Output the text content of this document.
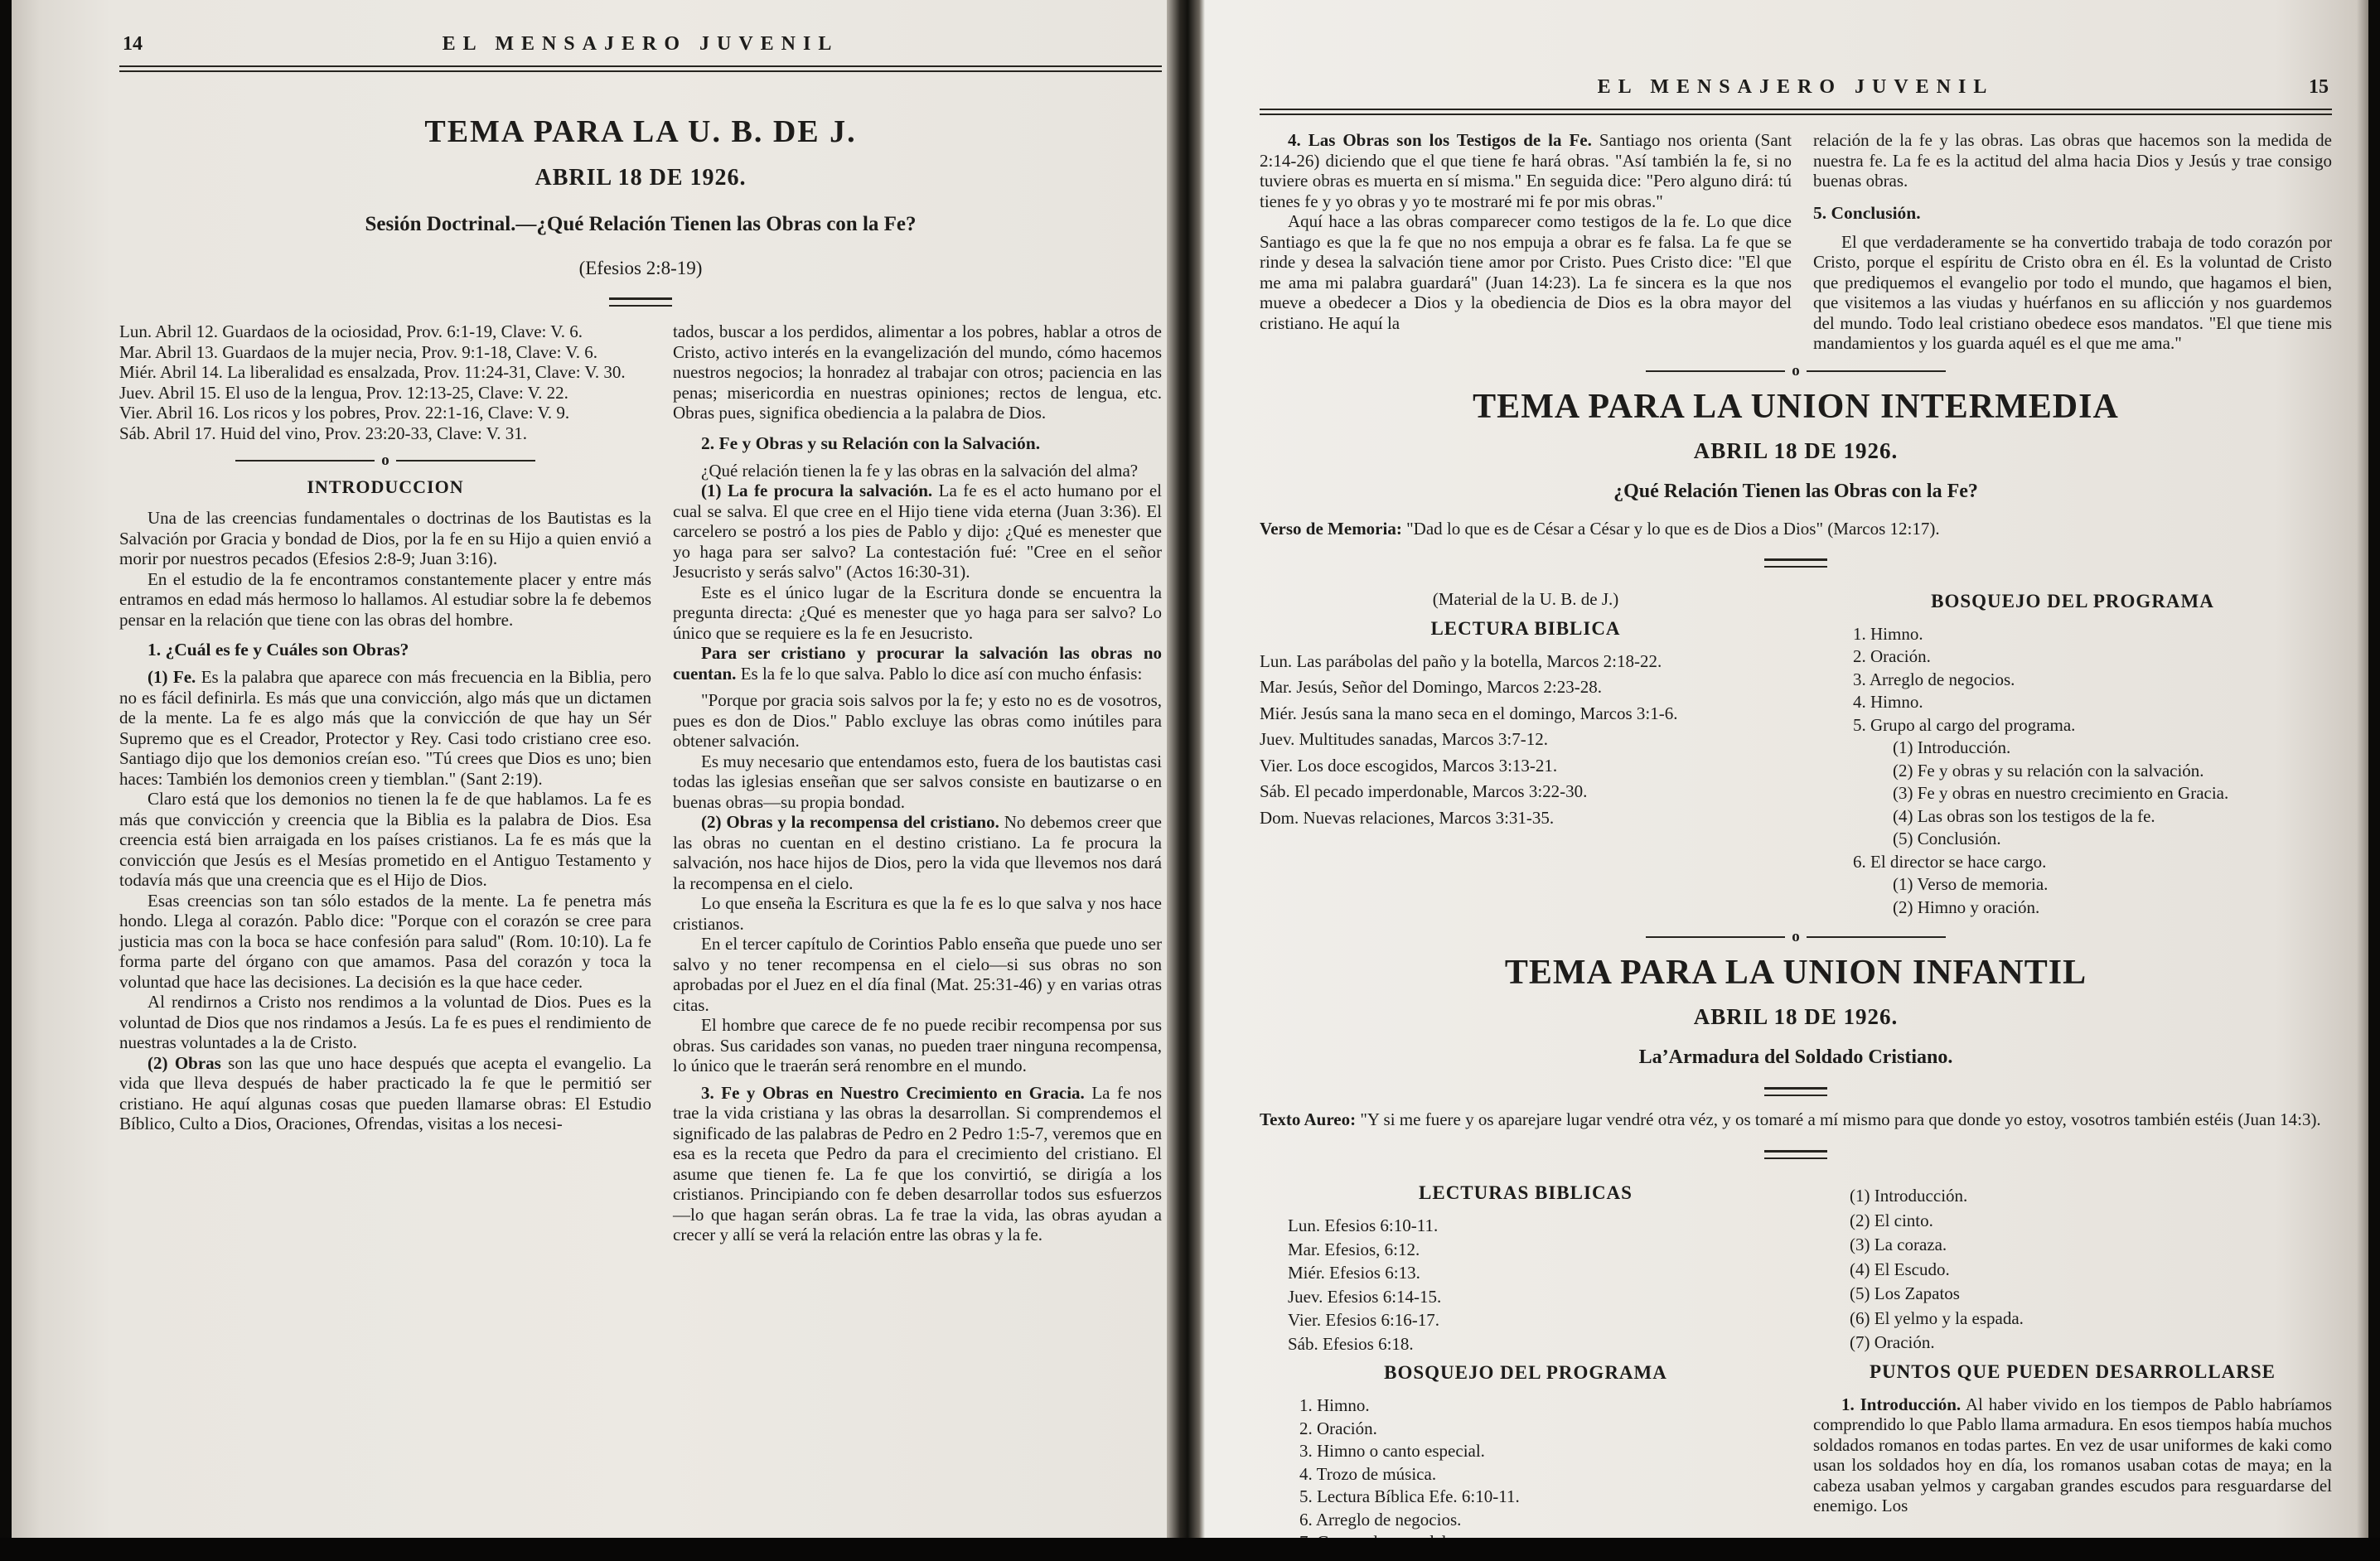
14	EL MENSAJERO JUVENIL
TEMA PARA LA U. B. DE J.
ABRIL 18 DE 1926.
Sesión Doctrinal.—¿Qué Relación Tienen las Obras con la Fe?
(Efesios 2:8-19)
Lun. Abril 12. Guardaos de la ociosidad, Prov. 6:1-19, Clave: V. 6.
Mar. Abril 13. Guardaos de la mujer necia, Prov. 9:1-18, Clave: V. 6.
Miér. Abril 14. La liberalidad es ensalzada, Prov. 11:24-31, Clave: V. 30.
Juev. Abril 15. El uso de la lengua, Prov. 12:13-25, Clave: V. 22.
Vier. Abril 16. Los ricos y los pobres, Prov. 22:1-16, Clave: V. 9.
Sáb. Abril 17. Huid del vino, Prov. 23:20-33, Clave: V. 31.
o
INTRODUCCION
Una de las creencias fundamentales o doctrinas de los Bautistas es la Salvación por Gracia y bondad de Dios, por la fe en su Hijo a quien envió a morir por nuestros pecados (Efesios 2:8-9; Juan 3:16).
En el estudio de la fe encontramos constantemente placer y entre más entramos en edad más hermoso lo hallamos. Al estudiar sobre la fe debemos pensar en la relación que tiene con las obras del hombre.
1. ¿Cuál es fe y Cuáles son Obras?
(1) Fe. Es la palabra que aparece con más frecuencia en la Biblia, pero no es fácil definirla. Es más que una convicción, algo más que un dictamen de la mente. La fe es algo más que la convicción de que hay un Sér Supremo que es el Creador, Protector y Rey. Casi todo cristiano cree eso. Santiago dijo que los demonios creían eso. "Tú crees que Dios es uno; bien haces: También los demonios creen y tiemblan." (Sant 2:19).
Claro está que los demonios no tienen la fe de que hablamos. La fe es más que convicción y creencia que la Biblia es la palabra de Dios. Esa creencia está bien arraigada en los países cristianos. La fe es más que la convicción que Jesús es el Mesías prometido en el Antiguo Testamento y todavía más que una creencia que es el Hijo de Dios.
Esas creencias son tan sólo estados de la mente. La fe penetra más hondo. Llega al corazón. Pablo dice: "Porque con el corazón se cree para justicia mas con la boca se hace confesión para salud" (Rom. 10:10). La fe forma parte del órgano con que amamos. Pasa del corazón y toca la voluntad que hace las decisiones. La decisión es la que hace ceder.
Al rendirnos a Cristo nos rendimos a la voluntad de Dios. Pues es la voluntad de Dios que nos rindamos a Jesús. La fe es pues el rendimiento de nuestras voluntades a la de Cristo.
(2) Obras son las que uno hace después que acepta el evangelio. La vida que lleva después de haber practicado la fe que le permitió ser cristiano. He aquí algunas cosas que pueden llamarse obras: El Estudio Bíblico, Culto a Dios, Oraciones, Ofrendas, visitas a los necesi-
tados, buscar a los perdidos, alimentar a los pobres, hablar a otros de Cristo, activo interés en la evangelización del mundo, cómo hacemos nuestros negocios; la honradez al trabajar con otros; paciencia en las penas; misericordia en nuestras opiniones; rectos de lengua, etc. Obras pues, significa obediencia a la palabra de Dios.
2. Fe y Obras y su Relación con la Salvación.
¿Qué relación tienen la fe y las obras en la salvación del alma?
(1) La fe procura la salvación. La fe es el acto humano por el cual se salva. El que cree en el Hijo tiene vida eterna (Juan 3:36). El carcelero se postró a los pies de Pablo y dijo: ¿Qué es menester que yo haga para ser salvo? La contestación fué: "Cree en el señor Jesucristo y serás salvo" (Actos 16:30-31).
Este es el único lugar de la Escritura donde se encuentra la pregunta directa: ¿Qué es menester que yo haga para ser salvo? Lo único que se requiere es la fe en Jesucristo.
Para ser cristiano y procurar la salvación las obras no cuentan. Es la fe lo que salva. Pablo lo dice así con mucho énfasis:
"Porque por gracia sois salvos por la fe; y esto no es de vosotros, pues es don de Dios." Pablo excluye las obras como inútiles para obtener salvación.
Es muy necesario que entendamos esto, fuera de los bautistas casi todas las iglesias enseñan que ser salvos consiste en bautizarse o en buenas obras—su propia bondad.
(2) Obras y la recompensa del cristiano. No debemos creer que las obras no cuentan en el destino cristiano. La fe procura la salvación, nos hace hijos de Dios, pero la vida que llevemos nos dará la recompensa en el cielo.
Lo que enseña la Escritura es que la fe es lo que salva y nos hace cristianos.
En el tercer capítulo de Corintios Pablo enseña que puede uno ser salvo y no tener recompensa en el cielo—si sus obras no son aprobadas por el Juez en el día final (Mat. 25:31-46) y en varias otras citas.
El hombre que carece de fe no puede recibir recompensa por sus obras. Sus caridades son vanas, no pueden traer ninguna recompensa, lo único que le traerán será renombre en el mundo.
3. Fe y Obras en Nuestro Crecimiento en Gracia. La fe nos trae la vida cristiana y las obras la desarrollan. Si comprendemos el significado de las palabras de Pedro en 2 Pedro 1:5-7, veremos que en esa es la receta que Pedro da para el crecimiento del cristiano. El asume que tienen fe. La fe que los convirtió, se dirigía a los cristianos. Principiando con fe deben desarrollar todos sus esfuerzos—lo que hagan serán obras. La fe trae la vida, las obras ayudan a crecer y allí se verá la relación entre las obras y la fe.
EL MENSAJERO JUVENIL	15
4. Las Obras son los Testigos de la Fe. Santiago nos orienta (Sant 2:14-26) diciendo que el que tiene fe hará obras. "Así también la fe, si no tuviere obras es muerta en sí misma." En seguida dice: "Pero alguno dirá: tú tienes fe y yo obras y yo te mostraré mi fe por mis obras."
Aquí hace a las obras comparecer como testigos de la fe. Lo que dice Santiago es que la fe que no nos empuja a obrar es fe falsa. La fe que se rinde y desea la salvación tiene amor por Cristo. Pues Cristo dice: "El que me ama mi palabra guardará" (Juan 14:23). La fe sincera es la que nos mueve a obedecer a Dios y la obediencia de Dios es la obra mayor del cristiano. He aquí la
relación de la fe y las obras. Las obras que hacemos son la medida de nuestra fe. La fe es la actitud del alma hacia Dios y Jesús y trae consigo buenas obras.
5. Conclusión.
El que verdaderamente se ha convertido trabaja de todo corazón por Cristo, porque el espíritu de Cristo obra en él. Es la voluntad de Cristo que prediquemos el evangelio por todo el mundo, que hagamos el bien, que visitemos a las viudas y huérfanos en su aflicción y nos guardemos del mundo. Todo leal cristiano obedece esos mandatos. "El que tiene mis mandamientos y los guarda aquél es el que me ama."
o
TEMA PARA LA UNION INTERMEDIA
ABRIL 18 DE 1926.
¿Qué Relación Tienen las Obras con la Fe?
Verso de Memoria: "Dad lo que es de César a César y lo que es de Dios a Dios" (Marcos 12:17).
(Material de la U. B. de J.)
LECTURA BIBLICA
Lun. Las parábolas del paño y la botella, Marcos 2:18-22.
Mar. Jesús, Señor del Domingo, Marcos 2:23-28.
Miér. Jesús sana la mano seca en el domingo, Marcos 3:1-6.
Juev. Multitudes sanadas, Marcos 3:7-12.
Vier. Los doce escogidos, Marcos 3:13-21.
Sáb. El pecado imperdonable, Marcos 3:22-30.
Dom. Nuevas relaciones, Marcos 3:31-35.
BOSQUEJO DEL PROGRAMA
1. Himno.
2. Oración.
3. Arreglo de negocios.
4. Himno.
5. Grupo al cargo del programa.
(1) Introducción.
(2) Fe y obras y su relación con la salvación.
(3) Fe y obras en nuestro crecimiento en Gracia.
(4) Las obras son los testigos de la fe.
(5) Conclusión.
6. El director se hace cargo.
(1) Verso de memoria.
(2) Himno y oración.
o
TEMA PARA LA UNION INFANTIL
ABRIL 18 DE 1926.
La’Armadura del Soldado Cristiano.
Texto Aureo: "Y si me fuere y os aparejare lugar vendré otra véz, y os tomaré a mí mismo para que donde yo estoy, vosotros también estéis (Juan 14:3).
LECTURAS BIBLICAS
Lun. Efesios 6:10-11.
Mar. Efesios, 6:12.
Miér. Efesios 6:13.
Juev. Efesios 6:14-15.
Vier. Efesios 6:16-17.
Sáb. Efesios 6:18.
BOSQUEJO DEL PROGRAMA
1. Himno.
2. Oración.
3. Himno o canto especial.
4. Trozo de música.
5. Lectura Bíblica Efe. 6:10-11.
6. Arreglo de negocios.
(1) Introducción.
(2) El cinto.
(3) La coraza.
(4) El Escudo.
(5) Los Zapatos
(6) El yelmo y la espada.
(7) Oración.
PUNTOS QUE PUEDEN DESARROLLARSE
1. Introducción. Al haber vivido en los tiempos de Pablo habríamos comprendido lo que Pablo llama armadura. En esos tiempos había muchos soldados romanos en todas partes. En vez de usar uniformes de kaki como usan los soldados hoy en día, los romanos usaban cotas de maya; en la cabeza usaban yelmos y cargaban grandes escudos para resguardarse del enemigo. Los
